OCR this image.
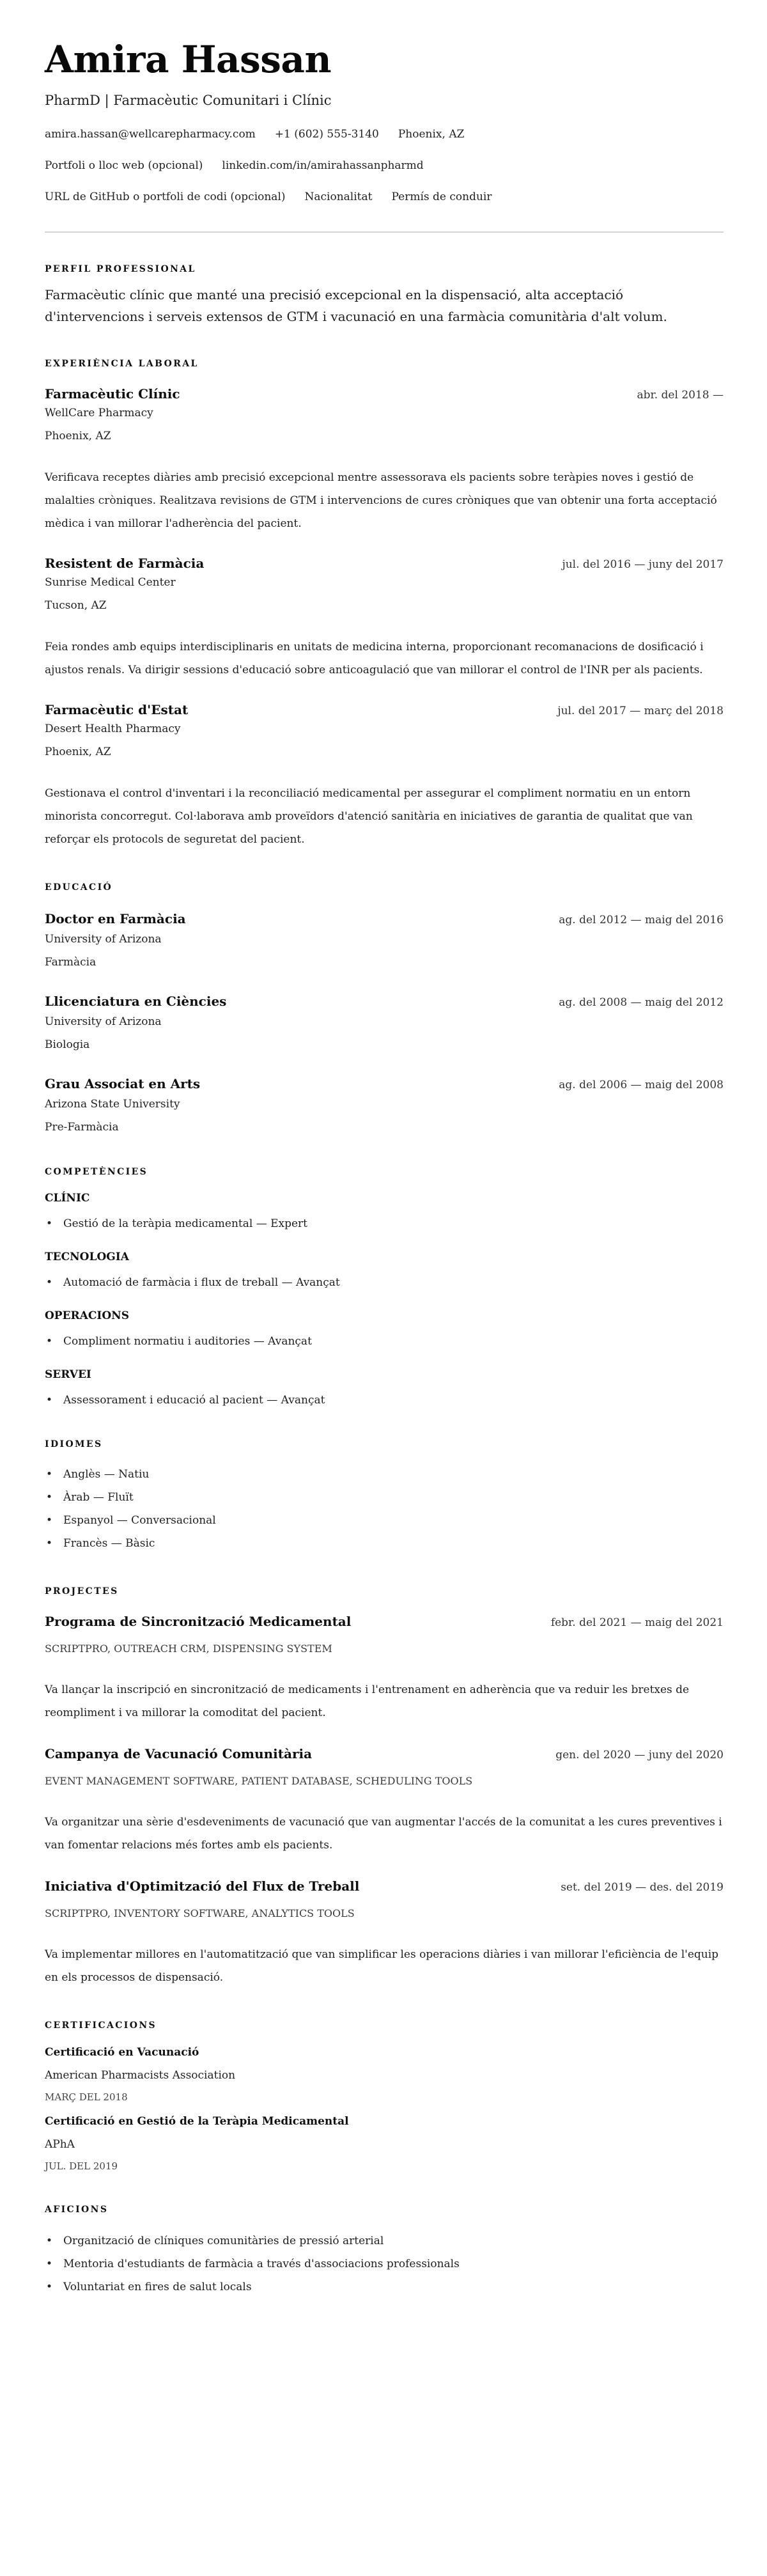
Amira Hassan
PharmD | Farmacèutic Comunitari i Clínic
amira.hassan@wellcarepharmacy.com +1 (602) 555-3140 Phoenix, AZ
Portfoli o lloc web (opcional) linkedin.com/in/amirahassanpharmd
URL de GitHub o portfoli de codi (opcional) Nacionalitat Permís de conduir
PERFIL PROFESSIONAL

Farmacèutic clínic que manté una precisió excepcional en la dispensació, alta acceptació d'intervencions i serveis extensos de GTM i vacunació en una farmàcia comunitària d'alt volum.

EXPERIÈNCIA LABORAL
Farmacèutic Clínic	abr. del 2018 —
WellCare Pharmacy
Phoenix, AZ

Verificava receptes diàries amb precisió excepcional mentre assessorava els pacients sobre teràpies noves i gestió de malalties cròniques. Realitzava revisions de GTM i intervencions de cures cròniques que van obtenir una forta acceptació mèdica i van millorar l'adherència del pacient.

Resistent de Farmàcia	jul. del 2016 — juny del 2017
Sunrise Medical Center
Tucson, AZ

Feia rondes amb equips interdisciplinaris en unitats de medicina interna, proporcionant recomanacions de dosificació i ajustos renals. Va dirigir sessions d'educació sobre anticoagulació que van millorar el control de l'INR per als pacients.

Farmacèutic d'Estat	jul. del 2017 — març del 2018
Desert Health Pharmacy
Phoenix, AZ

Gestionava el control d'inventari i la reconciliació medicamental per assegurar el compliment normatiu en un entorn minorista concorregut. Col·laborava amb proveïdors d'atenció sanitària en iniciatives de garantia de qualitat que van reforçar els protocols de seguretat del pacient.

EDUCACIÓ
Doctor en Farmàcia	ag. del 2012 — maig del 2016
University of Arizona
Farmàcia
Llicenciatura en Ciències	ag. del 2008 — maig del 2012
University of Arizona
Biologia
Grau Associat en Arts	ag. del 2006 — maig del 2008
Arizona State University
Pre-Farmàcia
COMPETÈNCIES
CLÍNIC
• Gestió de la teràpia medicamental — Expert
TECNOLOGIA
• Automació de farmàcia i flux de treball — Avançat
OPERACIONS
• Compliment normatiu i auditories — Avançat
SERVEI
• Assessorament i educació al pacient — Avançat
IDIOMES
• Anglès — Natiu
• Àrab — Fluït
• Espanyol — Conversacional
• Francès — Bàsic
PROJECTES
Programa de Sincronització Medicamental	febr. del 2021 — maig del 2021
SCRIPTPRO, OUTREACH CRM, DISPENSING SYSTEM

Va llançar la inscripció en sincronització de medicaments i l'entrenament en adherència que va reduir les bretxes de reompliment i va millorar la comoditat del pacient.

Campanya de Vacunació Comunitària	gen. del 2020 — juny del 2020
EVENT MANAGEMENT SOFTWARE, PATIENT DATABASE, SCHEDULING TOOLS

Va organitzar una sèrie d'esdeveniments de vacunació que van augmentar l'accés de la comunitat a les cures preventives i van fomentar relacions més fortes amb els pacients.

Iniciativa d'Optimització del Flux de Treball	set. del 2019 — des. del 2019
SCRIPTPRO, INVENTORY SOFTWARE, ANALYTICS TOOLS

Va implementar millores en l'automatització que van simplificar les operacions diàries i van millorar l'eficiència de l'equip en els processos de dispensació.

CERTIFICACIONS
Certificació en Vacunació
American Pharmacists Association
MARÇ DEL 2018
Certificació en Gestió de la Teràpia Medicamental
APhA
JUL. DEL 2019
AFICIONS
• Organització de clíniques comunitàries de pressió arterial
• Mentoria d'estudiants de farmàcia a través d'associacions professionals
• Voluntariat en fires de salut locals
